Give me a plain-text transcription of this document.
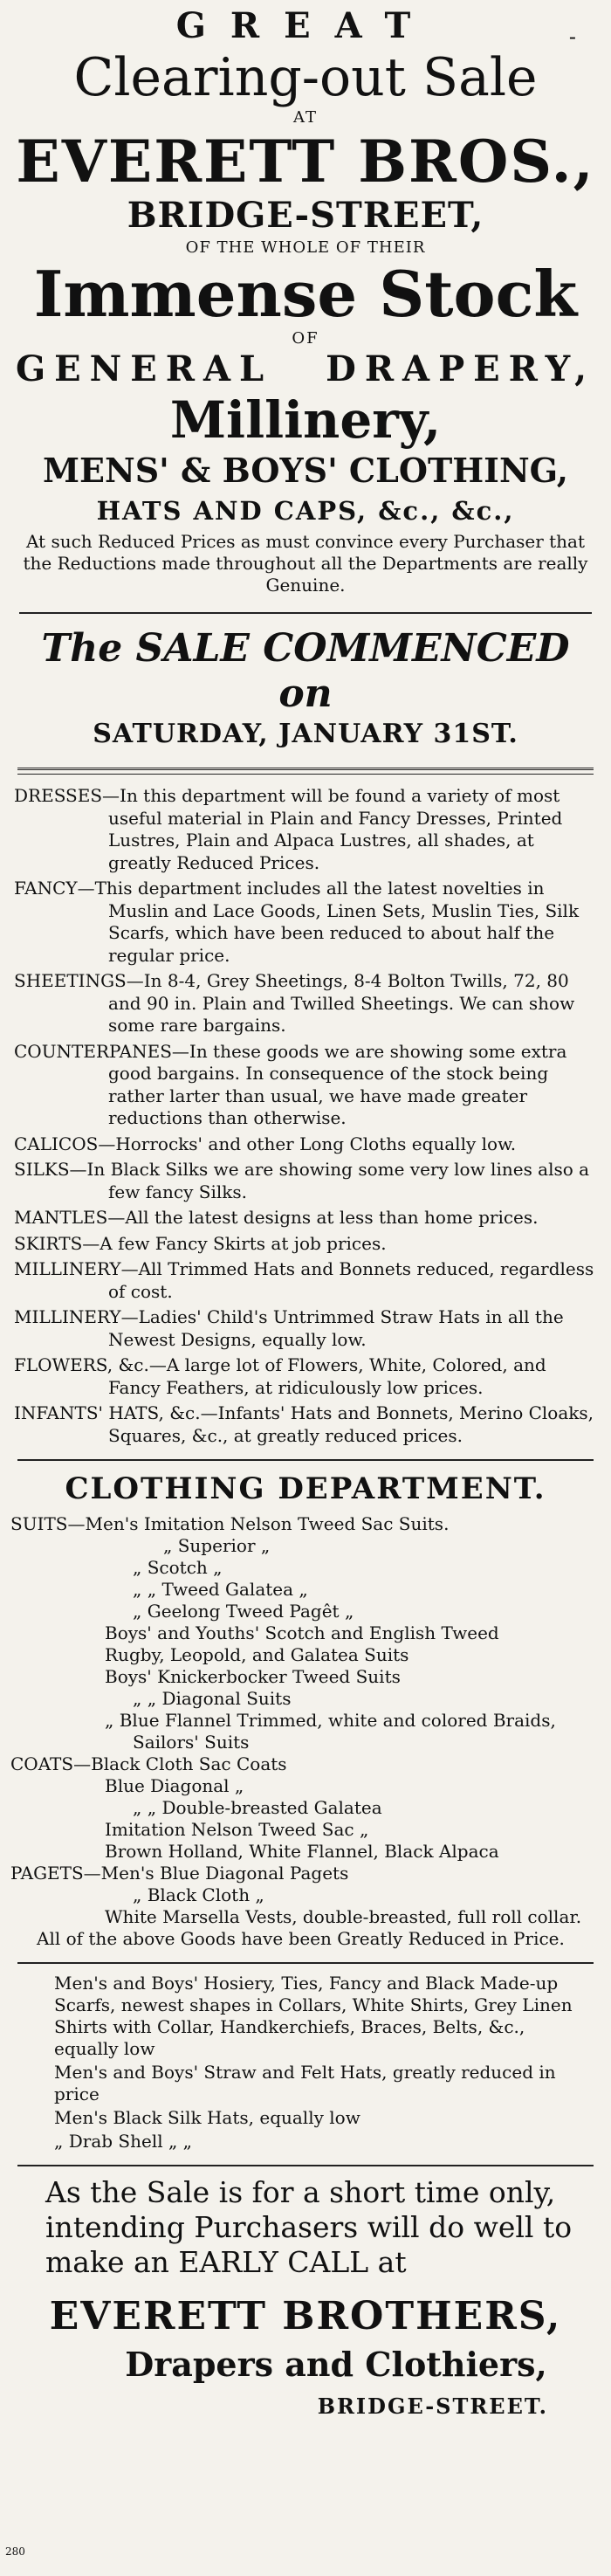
-
GREAT
Clearing-out Sale
AT
EVERETT BROS.,
BRIDGE-STREET,
OF THE WHOLE OF THEIR
Immense Stock
OF
GENERAL DRAPERY,
Millinery,
MENS' & BOYS' CLOTHING,
HATS AND CAPS, &c., &c.,
At such Reduced Prices as must convince every Purchaser that the Reductions made throughout all the Departments are really Genuine.
The SALE COMMENCED on
SATURDAY, JANUARY 31ST.
DRESSES—In this department will be found a variety of most useful material in Plain and Fancy Dresses, Printed Lustres, Plain and Alpaca Lustres, all shades, at greatly Reduced Prices.
FANCY—This department includes all the latest novelties in Muslin and Lace Goods, Linen Sets, Muslin Ties, Silk Scarfs, which have been reduced to about half the regular price.
SHEETINGS—In 8-4, Grey Sheetings, 8-4 Bolton Twills, 72, 80 and 90 in. Plain and Twilled Sheetings. We can show some rare bargains.
COUNTERPANES—In these goods we are showing some extra good bargains. In consequence of the stock being rather larter than usual, we have made greater reductions than otherwise.
CALICOS—Horrocks' and other Long Cloths equally low.
SILKS—In Black Silks we are showing some very low lines also a few fancy Silks.
MANTLES—All the latest designs at less than home prices.
SKIRTS—A few Fancy Skirts at job prices.
MILLINERY—All Trimmed Hats and Bonnets reduced, regardless of cost.
MILLINERY—Ladies' Child's Untrimmed Straw Hats in all the Newest Designs, equally low.
FLOWERS, &c.—A large lot of Flowers, White, Colored, and Fancy Feathers, at ridiculously low prices.
INFANTS' HATS, &c.—Infants' Hats and Bonnets, Merino Cloaks, Squares, &c., at greatly reduced prices.
CLOTHING DEPARTMENT.
SUITS—Men's Imitation Nelson Tweed Sac Suits.
„ Superior „
„ Scotch „
„ „ Tweed Galatea „
„ Geelong Tweed Pagêt „
Boys' and Youths' Scotch and English Tweed
Rugby, Leopold, and Galatea Suits
Boys' Knickerbocker Tweed Suits
„ „ Diagonal Suits
„ Blue Flannel Trimmed, white and colored Braids,
Sailors' Suits
COATS—Black Cloth Sac Coats
Blue Diagonal „
„ „ Double-breasted Galatea
Imitation Nelson Tweed Sac „
Brown Holland, White Flannel, Black Alpaca
PAGETS—Men's Blue Diagonal Pagets
„ Black Cloth „
White Marsella Vests, double-breasted, full roll collar.
All of the above Goods have been Greatly Reduced in Price.

Men's and Boys' Hosiery, Ties, Fancy and Black Made-up Scarfs, newest shapes in Collars, White Shirts, Grey Linen Shirts with Collar, Handkerchiefs, Braces, Belts, &c., equally low

Men's and Boys' Straw and Felt Hats, greatly reduced in price

Men's Black Silk Hats, equally low

„ Drab Shell „ „

As the Sale is for a short time only, intending Purchasers will do well to make an EARLY CALL at
EVERETT BROTHERS,
Drapers and Clothiers,
BRIDGE-STREET.
280
